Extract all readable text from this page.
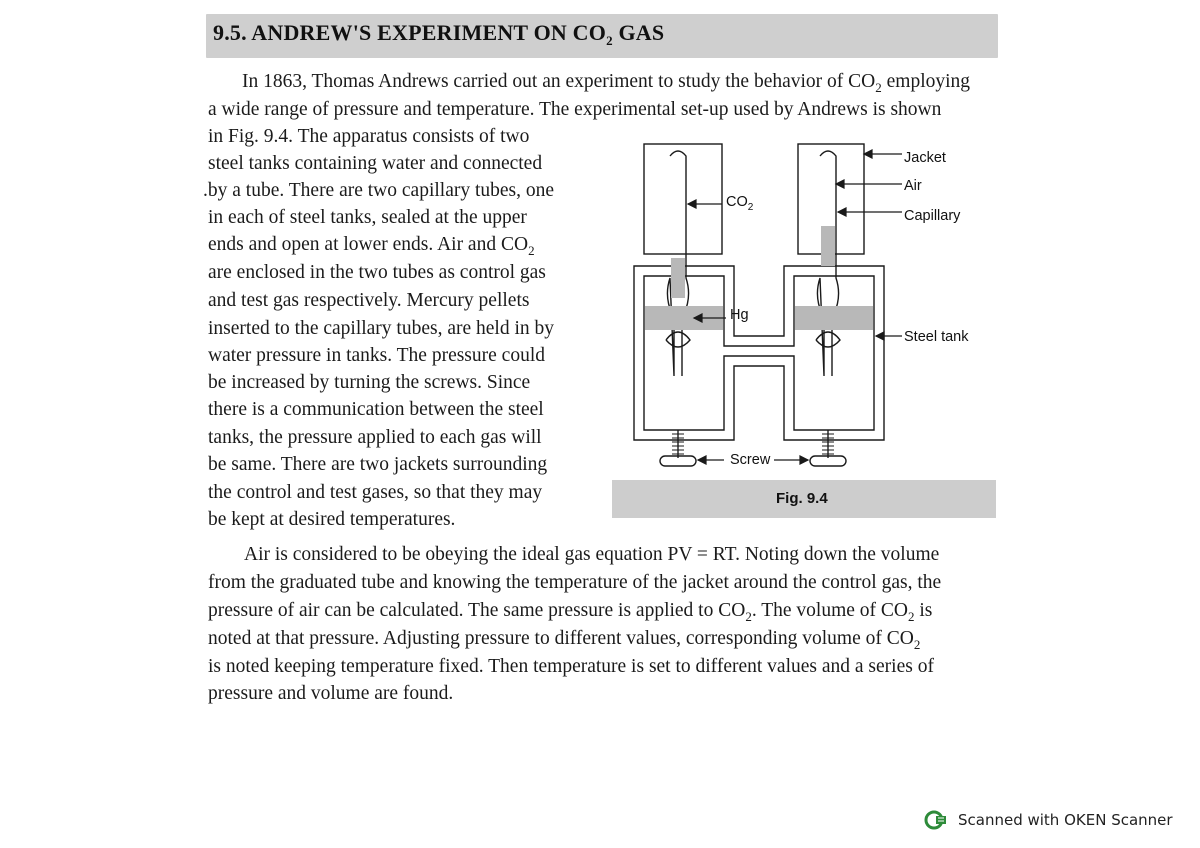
9.5. ANDREW'S EXPERIMENT ON $CO_2$ GAS
In 1863, Thomas Andrews carried out an experiment to study the behavior of $CO_2$ employing
a wide range of pressure and temperature. The experimental set-up used by Andrews is shown
in Fig. 9.4. The apparatus consists of two
steel tanks containing water and connected
.by a tube. There are two capillary tubes, one
in each of steel tanks, sealed at the upper
ends and open at lower ends. Air and $CO_2$
are enclosed in the two tubes as control gas
and test gas respectively. Mercury pellets
inserted to the capillary tubes, are held in by
water pressure in tanks. The pressure could
be increased by turning the screws. Since
there is a communication between the steel
tanks, the pressure applied to each gas will
be same. There are two jackets surrounding
the control and test gases, so that they may
be kept at desired temperatures.
Jacket
Air
Capillary
$CO_2$
Hg
Steel tank
Screw
Fig. 9.4
Air is considered to be obeying the ideal gas equation PV = RT. Noting down the volume
from the graduated tube and knowing the temperature of the jacket around the control gas, the
pressure of air can be calculated. The same pressure is applied to $CO_2$. The volume of $CO_2$ is
noted at that pressure. Adjusting pressure to different values, corresponding volume of $CO_2$
is noted keeping temperature fixed. Then temperature is set to different values and a series of
pressure and volume are found.
Scanned with OKEN Scanner
